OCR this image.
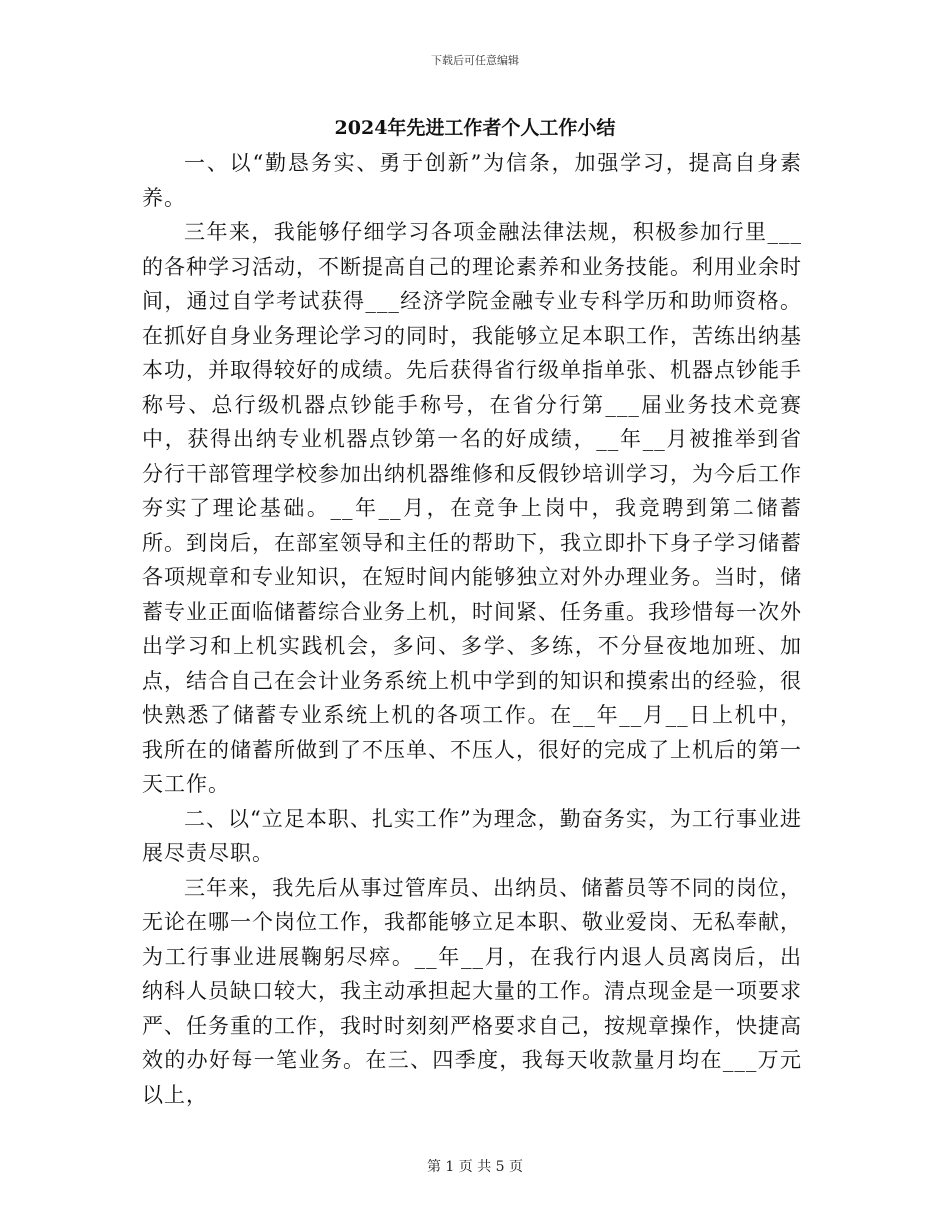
下载后可任意编辑
2024年先进工作者个人工作小结

一、以“勤恳务实、勇于创新”为信条，加强学习，提高自身素养。

三年来，我能够仔细学习各项金融法律法规，积极参加行里___的各种学习活动，不断提高自己的理论素养和业务技能。利用业余时间，通过自学考试获得___经济学院金融专业专科学历和助师资格。在抓好自身业务理论学习的同时，我能够立足本职工作，苦练出纳基本功，并取得较好的成绩。先后获得省行级单指单张、机器点钞能手称号、总行级机器点钞能手称号，在省分行第___届业务技术竞赛中，获得出纳专业机器点钞第一名的好成绩，__年__月被推举到省分行干部管理学校参加出纳机器维修和反假钞培训学习，为今后工作夯实了理论基础。__年__月，在竞争上岗中，我竞聘到第二储蓄所。到岗后，在部室领导和主任的帮助下，我立即扑下身子学习储蓄各项规章和专业知识，在短时间内能够独立对外办理业务。当时，储蓄专业正面临储蓄综合业务上机，时间紧、任务重。我珍惜每一次外出学习和上机实践机会，多问、多学、多练，不分昼夜地加班、加点，结合自己在会计业务系统上机中学到的知识和摸索出的经验，很快熟悉了储蓄专业系统上机的各项工作。在__年__月__日上机中，我所在的储蓄所做到了不压单、不压人，很好的完成了上机后的第一天工作。

二、以“立足本职、扎实工作”为理念，勤奋务实，为工行事业进展尽责尽职。

三年来，我先后从事过管库员、出纳员、储蓄员等不同的岗位，无论在哪一个岗位工作，我都能够立足本职、敬业爱岗、无私奉献，为工行事业进展鞠躬尽瘁。__年__月，在我行内退人员离岗后，出纳科人员缺口较大，我主动承担起大量的工作。清点现金是一项要求严、任务重的工作，我时时刻刻严格要求自己，按规章操作，快捷高效的办好每一笔业务。在三、四季度，我每天收款量月均在___万元以上，

第 1 页 共 5 页
